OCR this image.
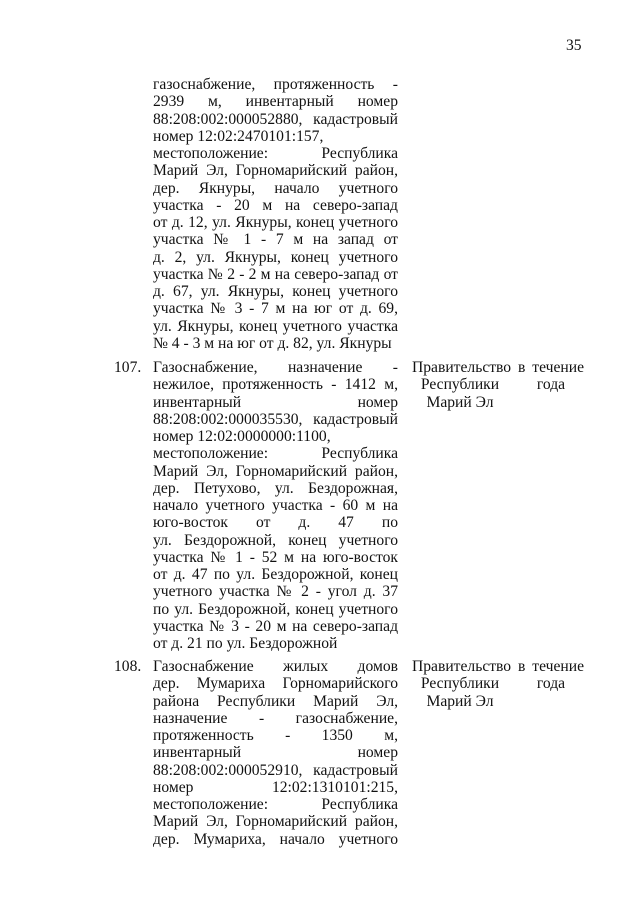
35
газоснабжение, протяженность -
2939 м, инвентарный номер
88:208:002:000052880, кадастровый
номер 12:02:2470101:157,
местоположение: Республика
Марий Эл, Горномарийский район,
дер. Якнуры, начало учетного
участка - 20 м на северо-запад
от д. 12, ул. Якнуры, конец учетного
участка № 1 - 7 м на запад от
д. 2, ул. Якнуры, конец учетного
участка № 2 - 2 м на северо-запад от
д. 67, ул. Якнуры, конец учетного
участка № 3 - 7 м на юг от д. 69,
ул. Якнуры, конец учетного участка
№ 4 - 3 м на юг от д. 82, ул. Якнуры
107. Газоснабжение, назначение -
нежилое, протяженность - 1412 м,
инвентарный номер
88:208:002:000035530, кадастровый
номер 12:02:0000000:1100,
местоположение: Республика
Марий Эл, Горномарийский район,
дер. Петухово, ул. Бездорожная,
начало учетного участка - 60 м на
юго-восток от д. 47 по
ул. Бездорожной, конец учетного
участка № 1 - 52 м на юго-восток
от д. 47 по ул. Бездорожной, конец
учетного участка № 2 - угол д. 37
по ул. Бездорожной, конец учетного
участка № 3 - 20 м на северо-запад
от д. 21 по ул. Бездорожной
Правительство
Республики
Марий Эл
в течение
года
108. Газоснабжение жилых домов
дер. Мумариха Горномарийского
района Республики Марий Эл,
назначение - газоснабжение,
протяженность - 1350 м,
инвентарный номер
88:208:002:000052910, кадастровый
номер 12:02:1310101:215,
местоположение: Республика
Марий Эл, Горномарийский район,
дер. Мумариха, начало учетного
Правительство
Республики
Марий Эл
в течение
года
